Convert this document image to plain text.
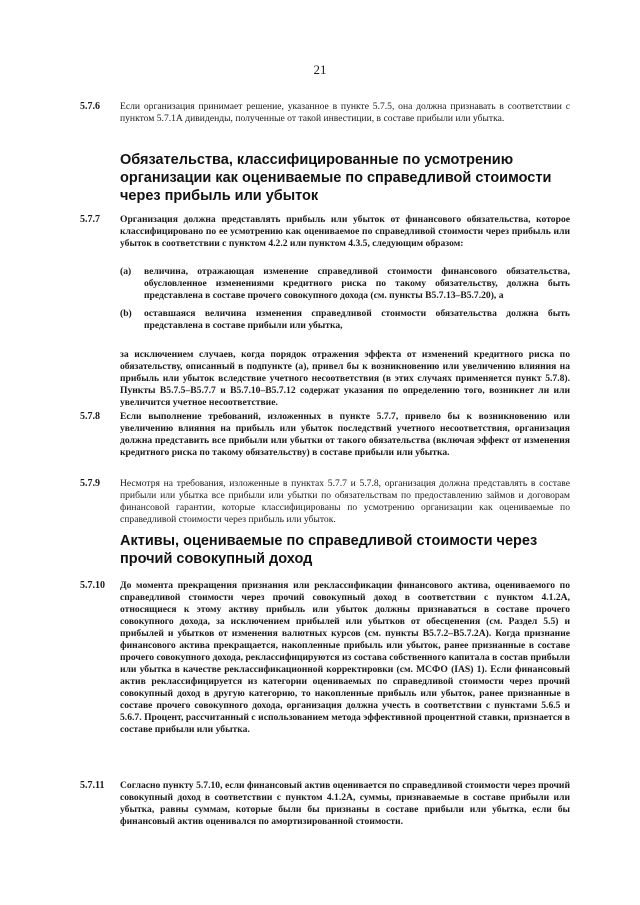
21
5.7.6	Если организация принимает решение, указанное в пункте 5.7.5, она должна признавать в соответствии с пунктом 5.7.1А дивиденды, полученные от такой инвестиции, в составе прибыли или убытка.
Обязательства, классифицированные по усмотрению организации как оцениваемые по справедливой стоимости через прибыль или убыток
5.7.7	Организация должна представлять прибыль или убыток от финансового обязательства, которое классифицировано по ее усмотрению как оцениваемое по справедливой стоимости через прибыль или убыток в соответствии с пунктом 4.2.2 или пунктом 4.3.5, следующим образом:
(а) величина, отражающая изменение справедливой стоимости финансового обязательства, обусловленное изменениями кредитного риска по такому обязательству, должна быть представлена в составе прочего совокупного дохода (см. пункты B5.7.13–B5.7.20), а
(b) оставшаяся величина изменения справедливой стоимости обязательства должна быть представлена в составе прибыли или убытка,
за исключением случаев, когда порядок отражения эффекта от изменений кредитного риска по обязательству, описанный в подпункте (а), привел бы к возникновению или увеличению влияния на прибыль или убыток вследствие учетного несоответствия (в этих случаях применяется пункт 5.7.8). Пункты B5.7.5–B5.7.7 и B5.7.10–B5.7.12 содержат указания по определению того, возникнет ли или увеличится учетное несоответствие.
5.7.8	Если выполнение требований, изложенных в пункте 5.7.7, привело бы к возникновению или увеличению влияния на прибыль или убыток последствий учетного несоответствия, организация должна представить все прибыли или убытки от такого обязательства (включая эффект от изменения кредитного риска по такому обязательству) в составе прибыли или убытка.
5.7.9	Несмотря на требования, изложенные в пунктах 5.7.7 и 5.7.8, организация должна представлять в составе прибыли или убытка все прибыли или убытки по обязательствам по предоставлению займов и договорам финансовой гарантии, которые классифицированы по усмотрению организации как оцениваемые по справедливой стоимости через прибыль или убыток.
Активы, оцениваемые по справедливой стоимости через прочий совокупный доход
5.7.10	До момента прекращения признания или реклассификации финансового актива, оцениваемого по справедливой стоимости через прочий совокупный доход в соответствии с пунктом 4.1.2А, относящиеся к этому активу прибыль или убыток должны признаваться в составе прочего совокупного дохода, за исключением прибылей или убытков от обесценения (см. Раздел 5.5) и прибылей и убытков от изменения валютных курсов (см. пункты B5.7.2–B5.7.2А). Когда признание финансового актива прекращается, накопленные прибыль или убыток, ранее признанные в составе прочего совокупного дохода, реклассифицируются из состава собственного капитала в состав прибыли или убытка в качестве реклассификационной корректировки (см. МСФО (IAS) 1). Если финансовый актив реклассифицируется из категории оцениваемых по справедливой стоимости через прочий совокупный доход в другую категорию, то накопленные прибыль или убыток, ранее признанные в составе прочего совокупного дохода, организация должна учесть в соответствии с пунктами 5.6.5 и 5.6.7. Процент, рассчитанный с использованием метода эффективной процентной ставки, признается в составе прибыли или убытка.
5.7.11	Согласно пункту 5.7.10, если финансовый актив оценивается по справедливой стоимости через прочий совокупный доход в соответствии с пунктом 4.1.2А, суммы, признаваемые в составе прибыли или убытка, равны суммам, которые были бы признаны в составе прибыли или убытка, если бы финансовый актив оценивался по амортизированной стоимости.
